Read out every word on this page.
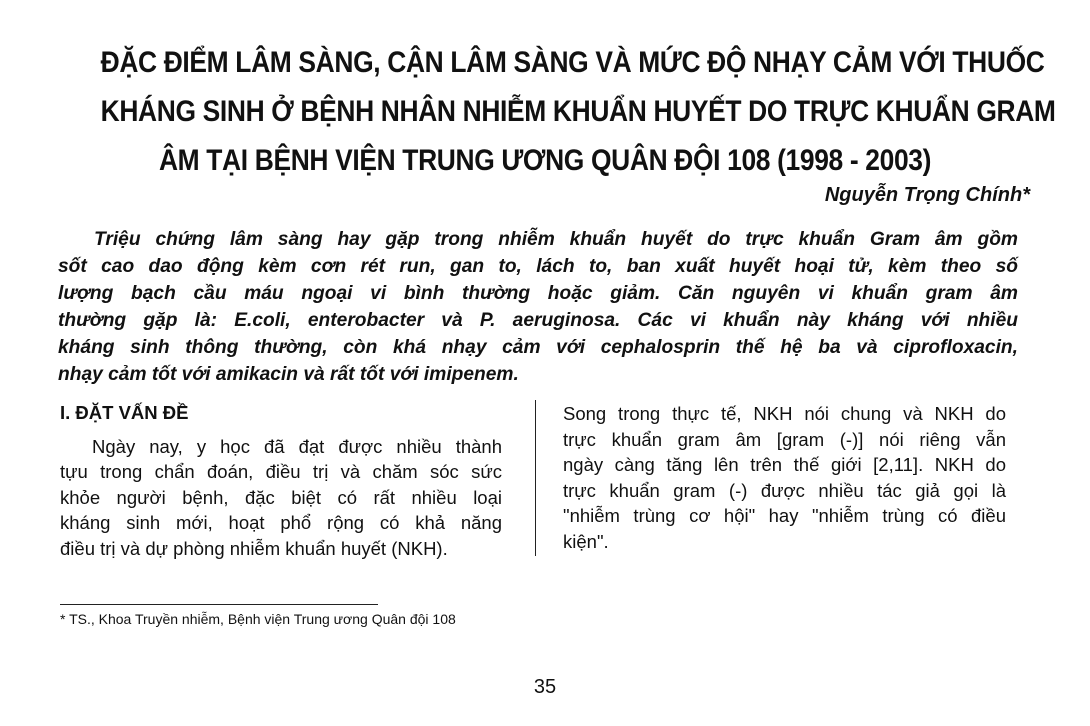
ĐẶC ĐIỂM LÂM SÀNG, CẬN LÂM SÀNG VÀ MỨC ĐỘ NHẠY CẢM VỚI THUỐC
KHÁNG SINH Ở BỆNH NHÂN NHIỄM KHUẨN HUYẾT DO TRỰC KHUẨN GRAM
ÂM TẠI BỆNH VIỆN TRUNG ƯƠNG QUÂN ĐỘI 108 (1998 - 2003)
Nguyễn Trọng Chính*

Triệu chứng lâm sàng hay gặp trong nhiễm khuẩn huyết do trực khuẩn Gram âm gồm
sốt cao dao động kèm cơn rét run, gan to, lách to, ban xuất huyết hoại tử, kèm theo số
lượng bạch cầu máu ngoại vi bình thường hoặc giảm. Căn nguyên vi khuẩn gram âm
thường gặp là: E.coli, enterobacter và P. aeruginosa. Các vi khuẩn này kháng với nhiều
kháng sinh thông thường, còn khá nhạy cảm với cephalosprin thế hệ ba và ciprofloxacin,
nhạy cảm tốt với amikacin và rất tốt với imipenem.

I. ĐẶT VẤN ĐỀ
Ngày nay, y học đã đạt được nhiều thành
tựu trong chẩn đoán, điều trị và chăm sóc sức
khỏe người bệnh, đặc biệt có rất nhiều loại
kháng sinh mới, hoạt phổ rộng có khả năng
điều trị và dự phòng nhiễm khuẩn huyết (NKH).
Song trong thực tế, NKH nói chung và NKH do
trực khuẩn gram âm [gram (-)] nói riêng vẫn
ngày càng tăng lên trên thế giới [2,11]. NKH do
trực khuẩn gram (-) được nhiều tác giả gọi là
"nhiễm trùng cơ hội" hay "nhiễm trùng có điều
kiện".
* TS., Khoa Truyền nhiễm, Bệnh viện Trung ương Quân đội 108
35
